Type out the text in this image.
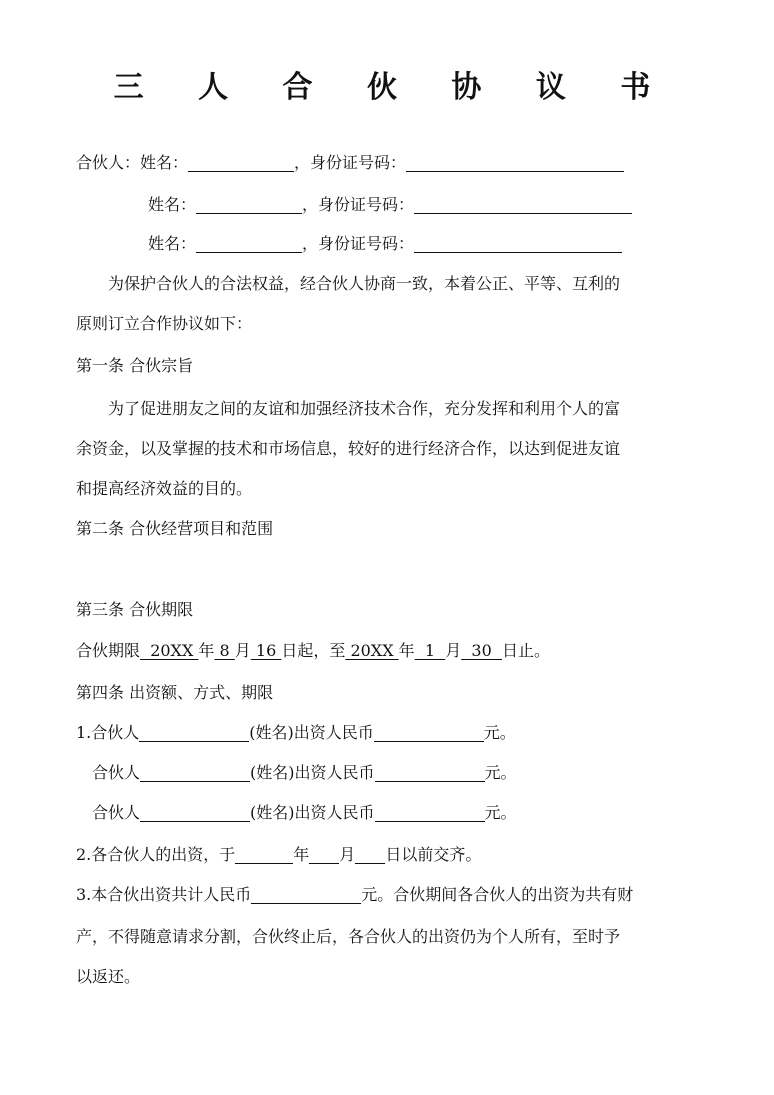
三 人 合 伙 协 议 书
合伙人：姓名：	，身份证号码：
姓名：	，身份证号码：
姓名：	，身份证号码：
为保护合伙人的合法权益，经合伙人协商一致，本着公正、平等、互利的
原则订立合作协议如下：
第一条 合伙宗旨
为了促进朋友之间的友谊和加强经济技术合作，充分发挥和利用个人的富
余资金，以及掌握的技术和市场信息，较好的进行经济合作，以达到促进友谊
和提高经济效益的目的。
第二条 合伙经营项目和范围
第三条 合伙期限
合伙期限  20XX 年 8 月 16 日起，至 20XX 年  1  月  30  日止。
第四条 出资额、方式、期限
1.合伙人	(姓名)出资人民币	元。
合伙人	(姓名)出资人民币	元。
合伙人	(姓名)出资人民币	元。
2.各合伙人的出资，于	年 月 日以前交齐。
3.本合伙出资共计人民币	元。合伙期间各合伙人的出资为共有财
产，不得随意请求分割，合伙终止后，各合伙人的出资仍为个人所有，至时予
以返还。
